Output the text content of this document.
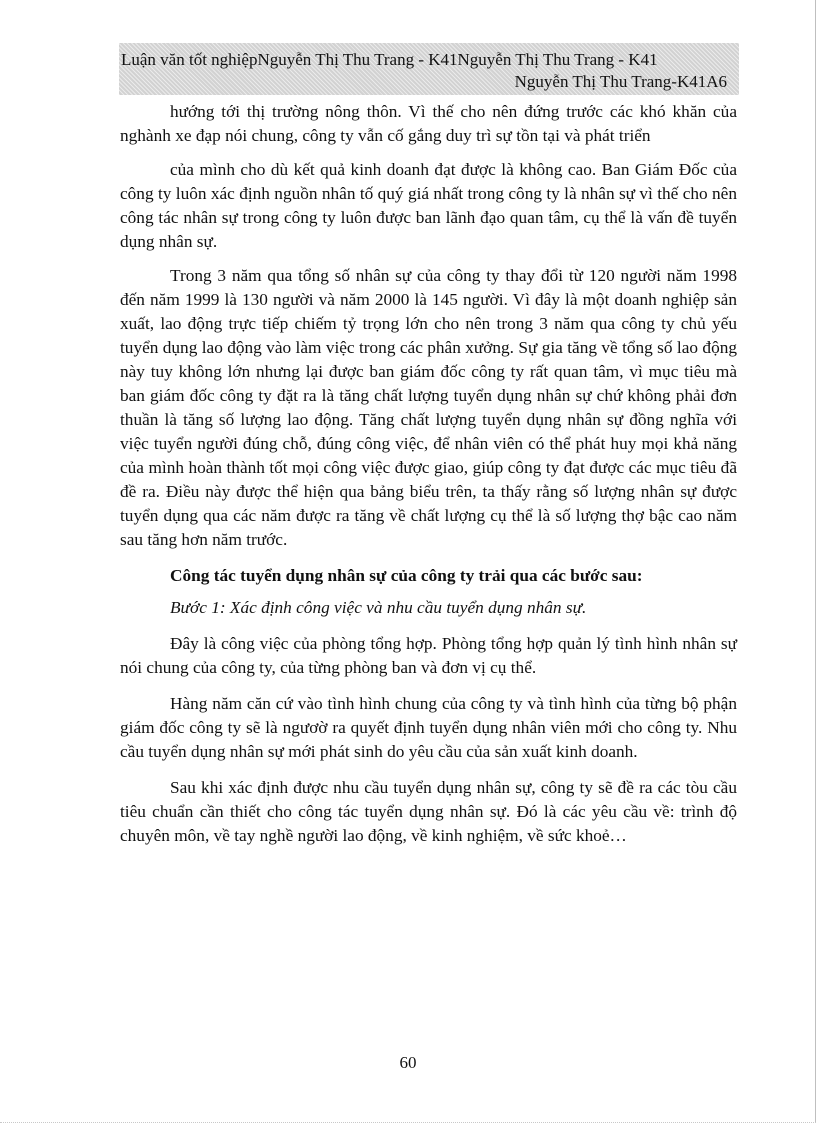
Luận văn tốt nghiệpNguyễn Thị Thu Trang - K41Nguyễn Thị Thu Trang - K41
Nguyễn Thị Thu Trang-K41A6

hướng tới thị trường nông thôn. Vì thế cho nên đứng trước các khó khăn của nghành xe đạp nói chung, công ty vẫn cố gắng duy trì sự tồn tại và phát triển

của mình cho dù kết quả kinh doanh đạt được là không cao. Ban Giám Đốc của công ty luôn xác định nguồn nhân tố quý giá nhất trong công ty là nhân sự vì thế cho nên công tác nhân sự trong công ty luôn được ban lãnh đạo quan tâm, cụ thể là vấn đề tuyển dụng nhân sự.

Trong 3 năm qua tổng số nhân sự của công ty thay đổi từ 120 người năm 1998 đến năm 1999 là 130 người và năm 2000 là 145 người. Vì đây là một doanh nghiệp sản xuất, lao động trực tiếp chiếm tỷ trọng lớn cho nên trong 3 năm qua công ty chủ yếu tuyển dụng lao động vào làm việc trong các phân xưởng. Sự gia tăng về tổng số lao động này tuy không lớn nhưng lại được ban giám đốc công ty rất quan tâm, vì mục tiêu mà ban giám đốc công ty đặt ra là tăng chất lượng tuyển dụng nhân sự chứ không phải đơn thuần là tăng số lượng lao động. Tăng chất lượng tuyển dụng nhân sự đồng nghĩa với việc tuyển người đúng chỗ, đúng công việc, để nhân viên có thể phát huy mọi khả năng của mình hoàn thành tốt mọi công việc được giao, giúp công ty đạt được các mục tiêu đã đề ra. Điều này được thể hiện qua bảng biểu trên, ta thấy rằng số lượng nhân sự được tuyển dụng qua các năm được ra tăng về chất lượng cụ thể là số lượng thợ bậc cao năm sau tăng hơn năm trước.

Công tác tuyển dụng nhân sự của công ty trải qua các bước sau:

Bước 1: Xác định công việc và nhu cầu tuyển dụng nhân sự.

Đây là công việc của phòng tổng hợp. Phòng tổng hợp quản lý tình hình nhân sự nói chung của công ty, của từng phòng ban và đơn vị cụ thể.

Hàng năm căn cứ vào tình hình chung của công ty và tình hình của từng bộ phận giám đốc công ty sẽ là ngươờ ra quyết định tuyển dụng nhân viên mới cho công ty. Nhu cầu tuyển dụng nhân sự mới phát sinh do yêu cầu của sản xuất kinh doanh.

Sau khi xác định được nhu cầu tuyển dụng nhân sự, công ty sẽ đề ra các tòu cầu tiêu chuẩn cần thiết cho công tác tuyển dụng nhân sự. Đó là các yêu cầu về: trình độ chuyên môn, về tay nghề người lao động, về kinh nghiệm, về sức khoẻ…

60
